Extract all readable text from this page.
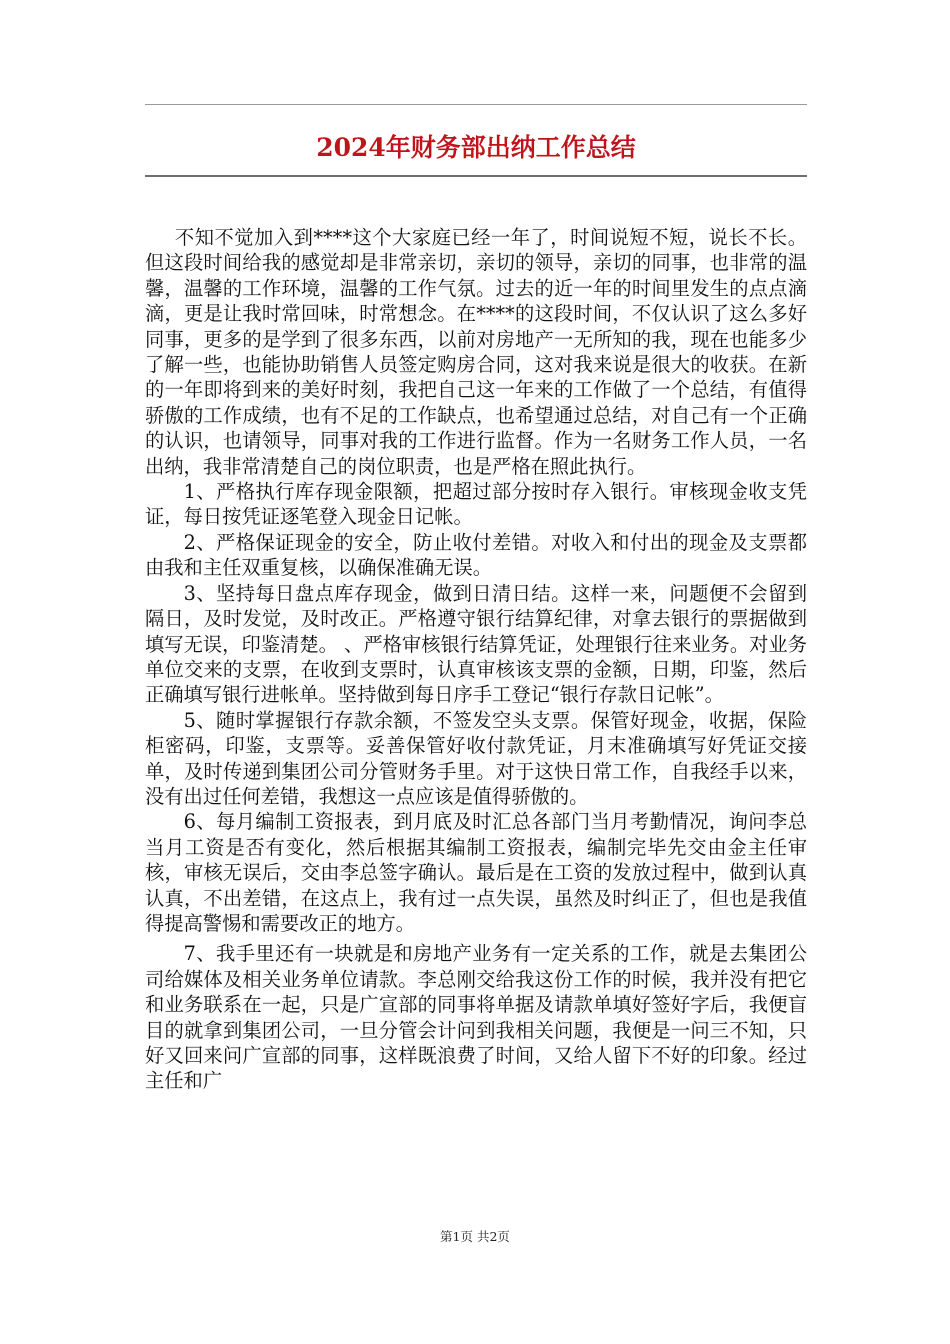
2024年财务部出纳工作总结

不知不觉加入到****这个大家庭已经一年了，时间说短不短，说长不长。但这段时间给我的感觉却是非常亲切，亲切的领导，亲切的同事，也非常的温馨，温馨的工作环境，温馨的工作气氛。过去的近一年的时间里发生的点点滴滴，更是让我时常回味，时常想念。在****的这段时间，不仅认识了这么多好同事，更多的是学到了很多东西，以前对房地产一无所知的我，现在也能多少了解一些，也能协助销售人员签定购房合同，这对我来说是很大的收获。在新的一年即将到来的美好时刻，我把自己这一年来的工作做了一个总结，有值得骄傲的工作成绩，也有不足的工作缺点，也希望通过总结，对自己有一个正确的认识，也请领导，同事对我的工作进行监督。作为一名财务工作人员，一名出纳，我非常清楚自己的岗位职责，也是严格在照此执行。

1、严格执行库存现金限额，把超过部分按时存入银行。审核现金收支凭证，每日按凭证逐笔登入现金日记帐。

2、严格保证现金的安全，防止收付差错。对收入和付出的现金及支票都由我和主任双重复核，以确保准确无误。

3、坚持每日盘点库存现金，做到日清日结。这样一来，问题便不会留到隔日，及时发觉，及时改正。严格遵守银行结算纪律，对拿去银行的票据做到填写无误，印鉴清楚。 、严格审核银行结算凭证，处理银行往来业务。对业务单位交来的支票，在收到支票时，认真审核该支票的金额，日期，印鉴，然后正确填写银行进帐单。坚持做到每日序手工登记“银行存款日记帐”。

5、随时掌握银行存款余额，不签发空头支票。保管好现金，收据，保险柜密码，印鉴，支票等。妥善保管好收付款凭证，月末准确填写好凭证交接单，及时传递到集团公司分管财务手里。对于这快日常工作，自我经手以来，没有出过任何差错，我想这一点应该是值得骄傲的。

6、每月编制工资报表，到月底及时汇总各部门当月考勤情况，询问李总当月工资是否有变化，然后根据其编制工资报表，编制完毕先交由金主任审核，审核无误后，交由李总签字确认。最后是在工资的发放过程中，做到认真认真，不出差错，在这点上，我有过一点失误，虽然及时纠正了，但也是我值得提高警惕和需要改正的地方。

7、我手里还有一块就是和房地产业务有一定关系的工作，就是去集团公司给媒体及相关业务单位请款。李总刚交给我这份工作的时候，我并没有把它和业务联系在一起，只是广宣部的同事将单据及请款单填好签好字后，我便盲目的就拿到集团公司，一旦分管会计问到我相关问题，我便是一问三不知，只好又回来问广宣部的同事，这样既浪费了时间，又给人留下不好的印象。经过主任和广

第1页 共2页
